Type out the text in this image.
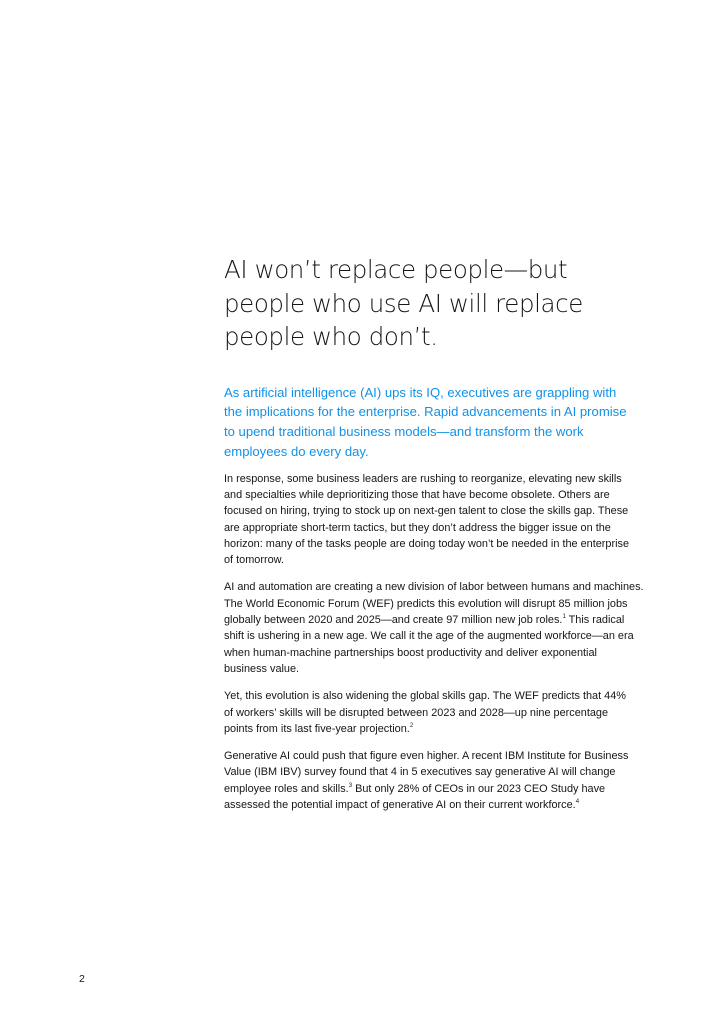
AI won’t replace people—but
people who use AI will replace
people who don’t.

As artificial intelligence (AI) ups its IQ, executives are grappling with
the implications for the enterprise. Rapid advancements in AI promise
to upend traditional business models—and transform the work
employees do every day.

In response, some business leaders are rushing to reorganize, elevating new skills
and specialties while deprioritizing those that have become obsolete. Others are
focused on hiring, trying to stock up on next-gen talent to close the skills gap. These
are appropriate short-term tactics, but they don’t address the bigger issue on the
horizon: many of the tasks people are doing today won’t be needed in the enterprise
of tomorrow.

AI and automation are creating a new division of labor between humans and machines.
The World Economic Forum (WEF) predicts this evolution will disrupt 85 million jobs
globally between 2020 and 2025—and create 97 million new job roles.$^1$ This radical
shift is ushering in a new age. We call it the age of the augmented workforce—an era
when human-machine partnerships boost productivity and deliver exponential
business value.

Yet, this evolution is also widening the global skills gap. The WEF predicts that 44%
of workers’ skills will be disrupted between 2023 and 2028—up nine percentage
points from its last five-year projection.$^2$

Generative AI could push that figure even higher. A recent IBM Institute for Business
Value (IBM IBV) survey found that 4 in 5 executives say generative AI will change
employee roles and skills.$^3$ But only 28% of CEOs in our 2023 CEO Study have
assessed the potential impact of generative AI on their current workforce.$^4$

2
